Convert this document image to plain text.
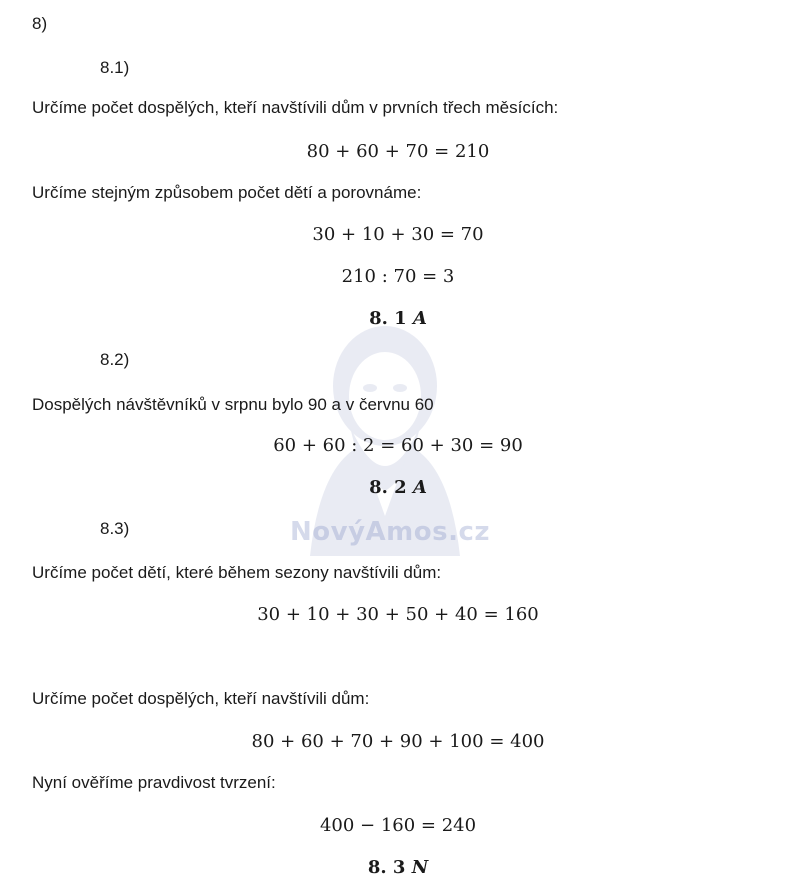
NovýAmos.cz
8)
8.1)
Určíme počet dospělých, kteří navštívili dům v prvních třech měsících:
80 + 60 + 70 = 210
Určíme stejným způsobem počet dětí a porovnáme:
30 + 10 + 30 = 70
210 : 70 = 3
8. 1 A
8.2)
Dospělých návštěvníků v srpnu bylo 90 a v červnu 60
60 + 60 : 2 = 60 + 30 = 90
8. 2 A
8.3)
Určíme počet dětí, které během sezony navštívili dům:
30 + 10 + 30 + 50 + 40 = 160
Určíme počet dospělých, kteří navštívili dům:
80 + 60 + 70 + 90 + 100 = 400
Nyní ověříme pravdivost tvrzení:
400 − 160 = 240
8. 3 N
